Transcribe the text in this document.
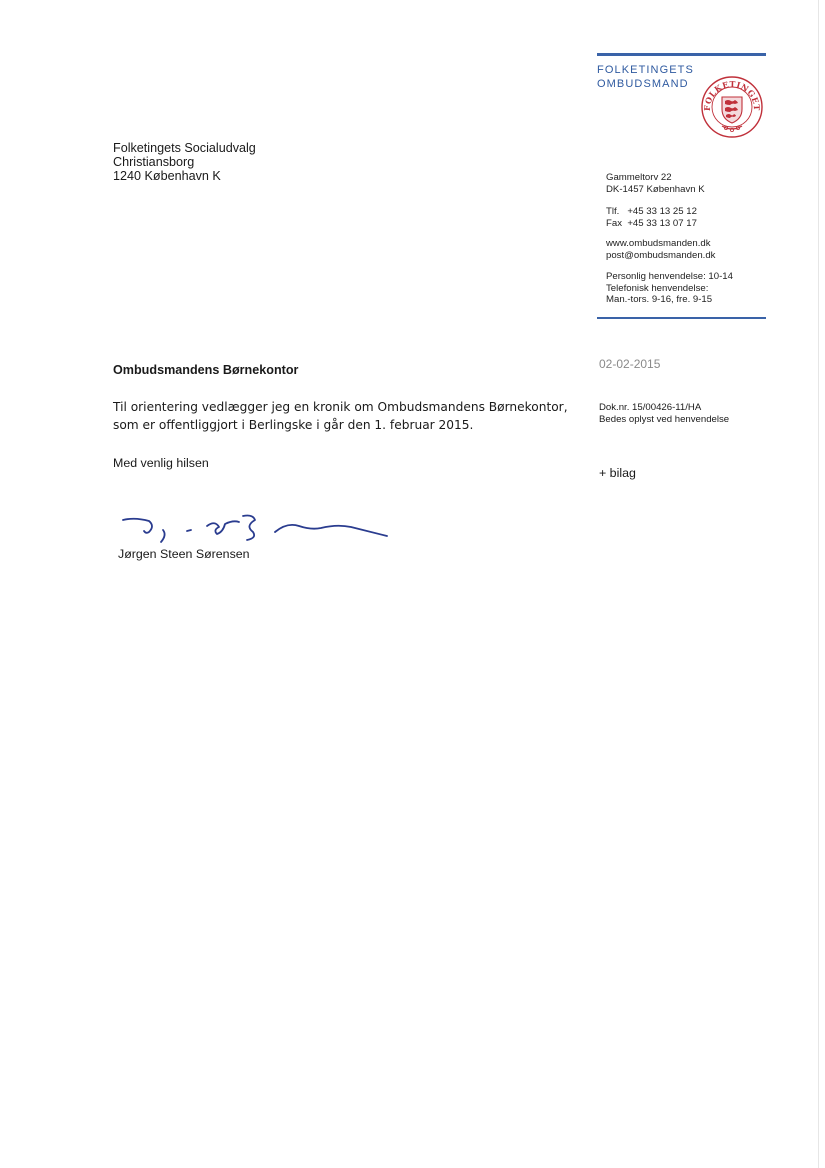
FOLKETINGETS
OMBUDSMAND
FOLKETINGET
Gammeltorv 22
DK-1457 København K
Tlf.   +45 33 13 25 12
Fax  +45 33 13 07 17
www.ombudsmanden.dk
post@ombudsmanden.dk
Personlig henvendelse: 10-14
Telefonisk henvendelse:
Man.-tors. 9-16, fre. 9-15
Folketingets Socialudvalg
Christiansborg
1240 København K
02-02-2015
Ombudsmandens Børnekontor
Til orientering vedlægger jeg en kronik om Ombudsmandens Børnekontor,
som er offentliggjort i Berlingske i går den 1. februar 2015.
Dok.nr. 15/00426-11/HA
Bedes oplyst ved henvendelse
Med venlig hilsen
+ bilag
Jørgen Steen Sørensen
